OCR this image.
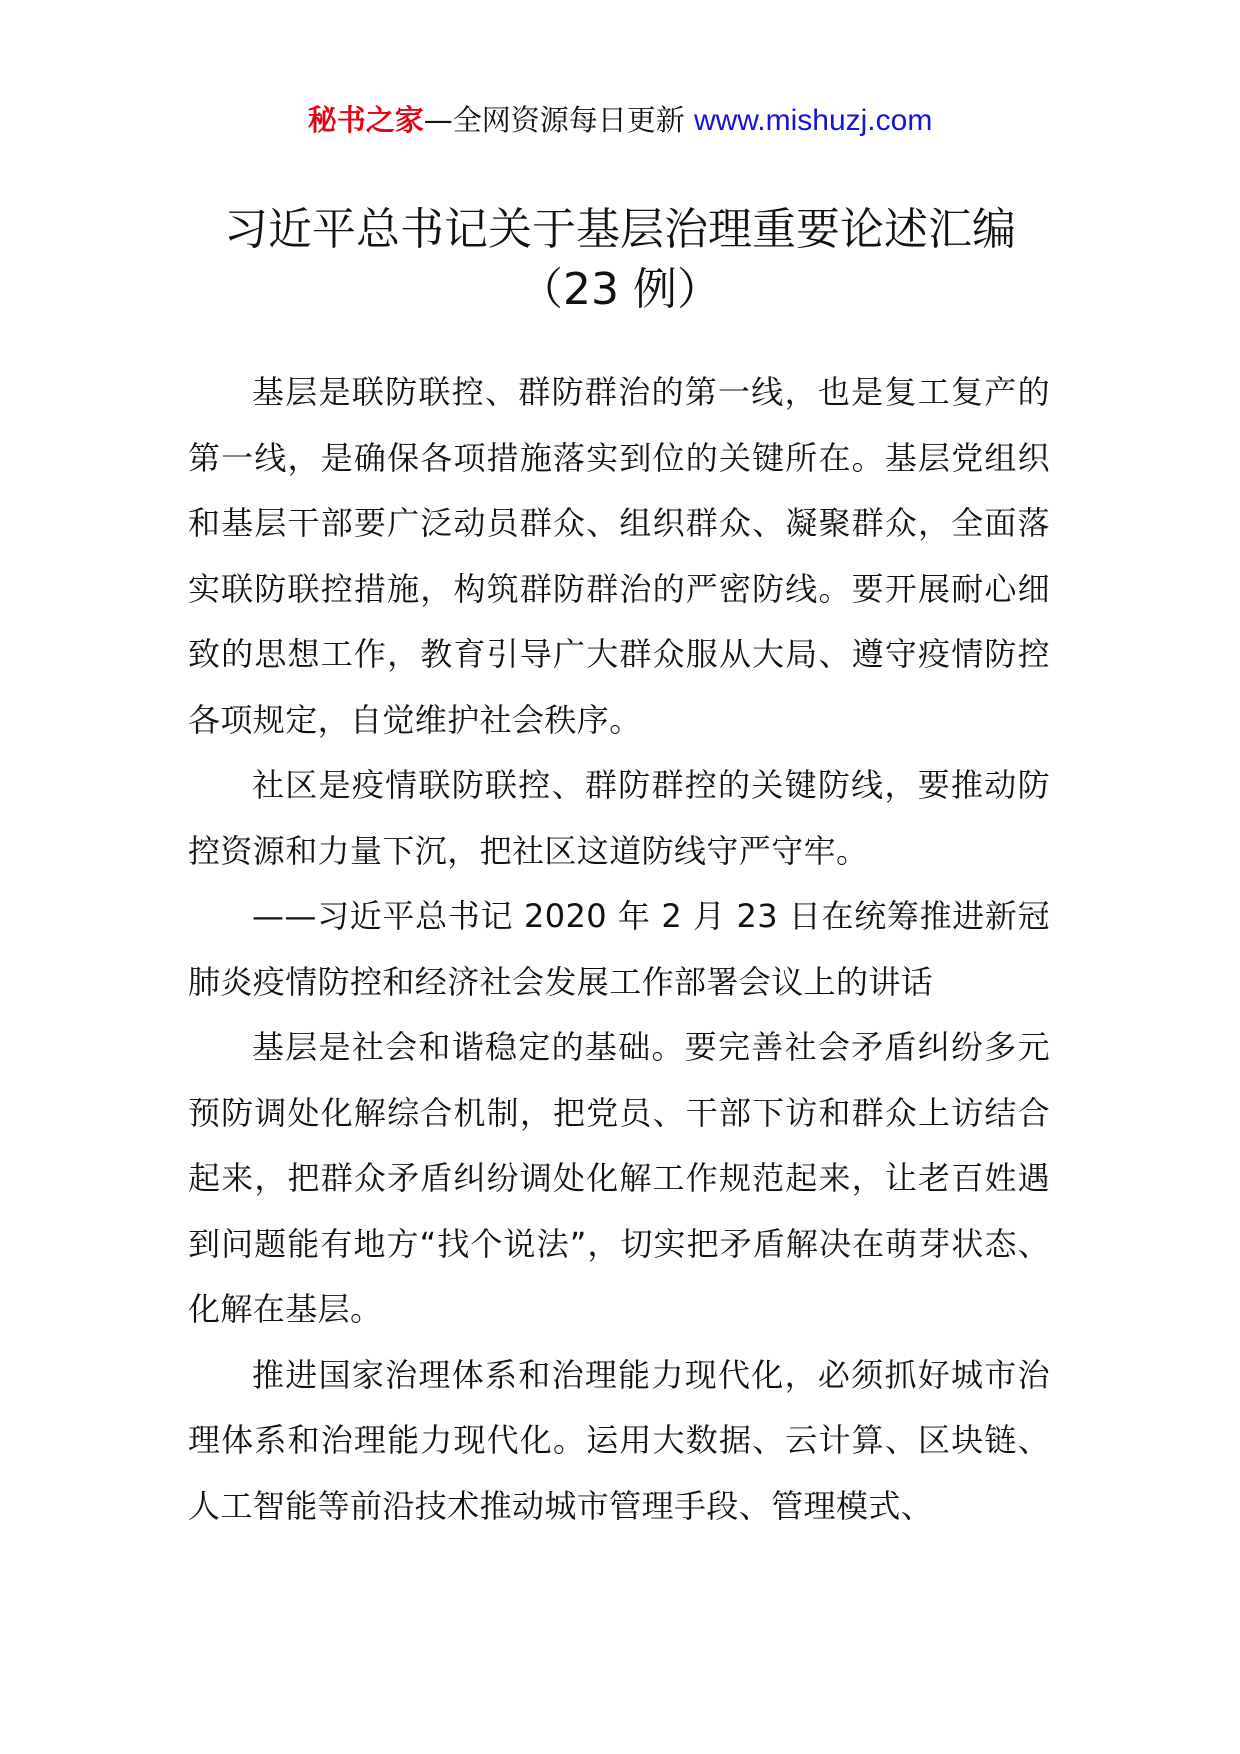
秘书之家—全网资源每日更新 www.mishuzj.com
习近平总书记关于基层治理重要论述汇编
（23 例）

基层是联防联控、群防群治的第一线，也是复工复产的第一线，是确保各项措施落实到位的关键所在。基层党组织和基层干部要广泛动员群众、组织群众、凝聚群众，全面落实联防联控措施，构筑群防群治的严密防线。要开展耐心细致的思想工作，教育引导广大群众服从大局、遵守疫情防控各项规定，自觉维护社会秩序。

社区是疫情联防联控、群防群控的关键防线，要推动防控资源和力量下沉，把社区这道防线守严守牢。

——习近平总书记 2020 年 2 月 23 日在统筹推进新冠肺炎疫情防控和经济社会发展工作部署会议上的讲话

基层是社会和谐稳定的基础。要完善社会矛盾纠纷多元预防调处化解综合机制，把党员、干部下访和群众上访结合起来，把群众矛盾纠纷调处化解工作规范起来，让老百姓遇到问题能有地方“找个说法”，切实把矛盾解决在萌芽状态、化解在基层。

推进国家治理体系和治理能力现代化，必须抓好城市治理体系和治理能力现代化。运用大数据、云计算、区块链、人工智能等前沿技术推动城市管理手段、管理模式、
